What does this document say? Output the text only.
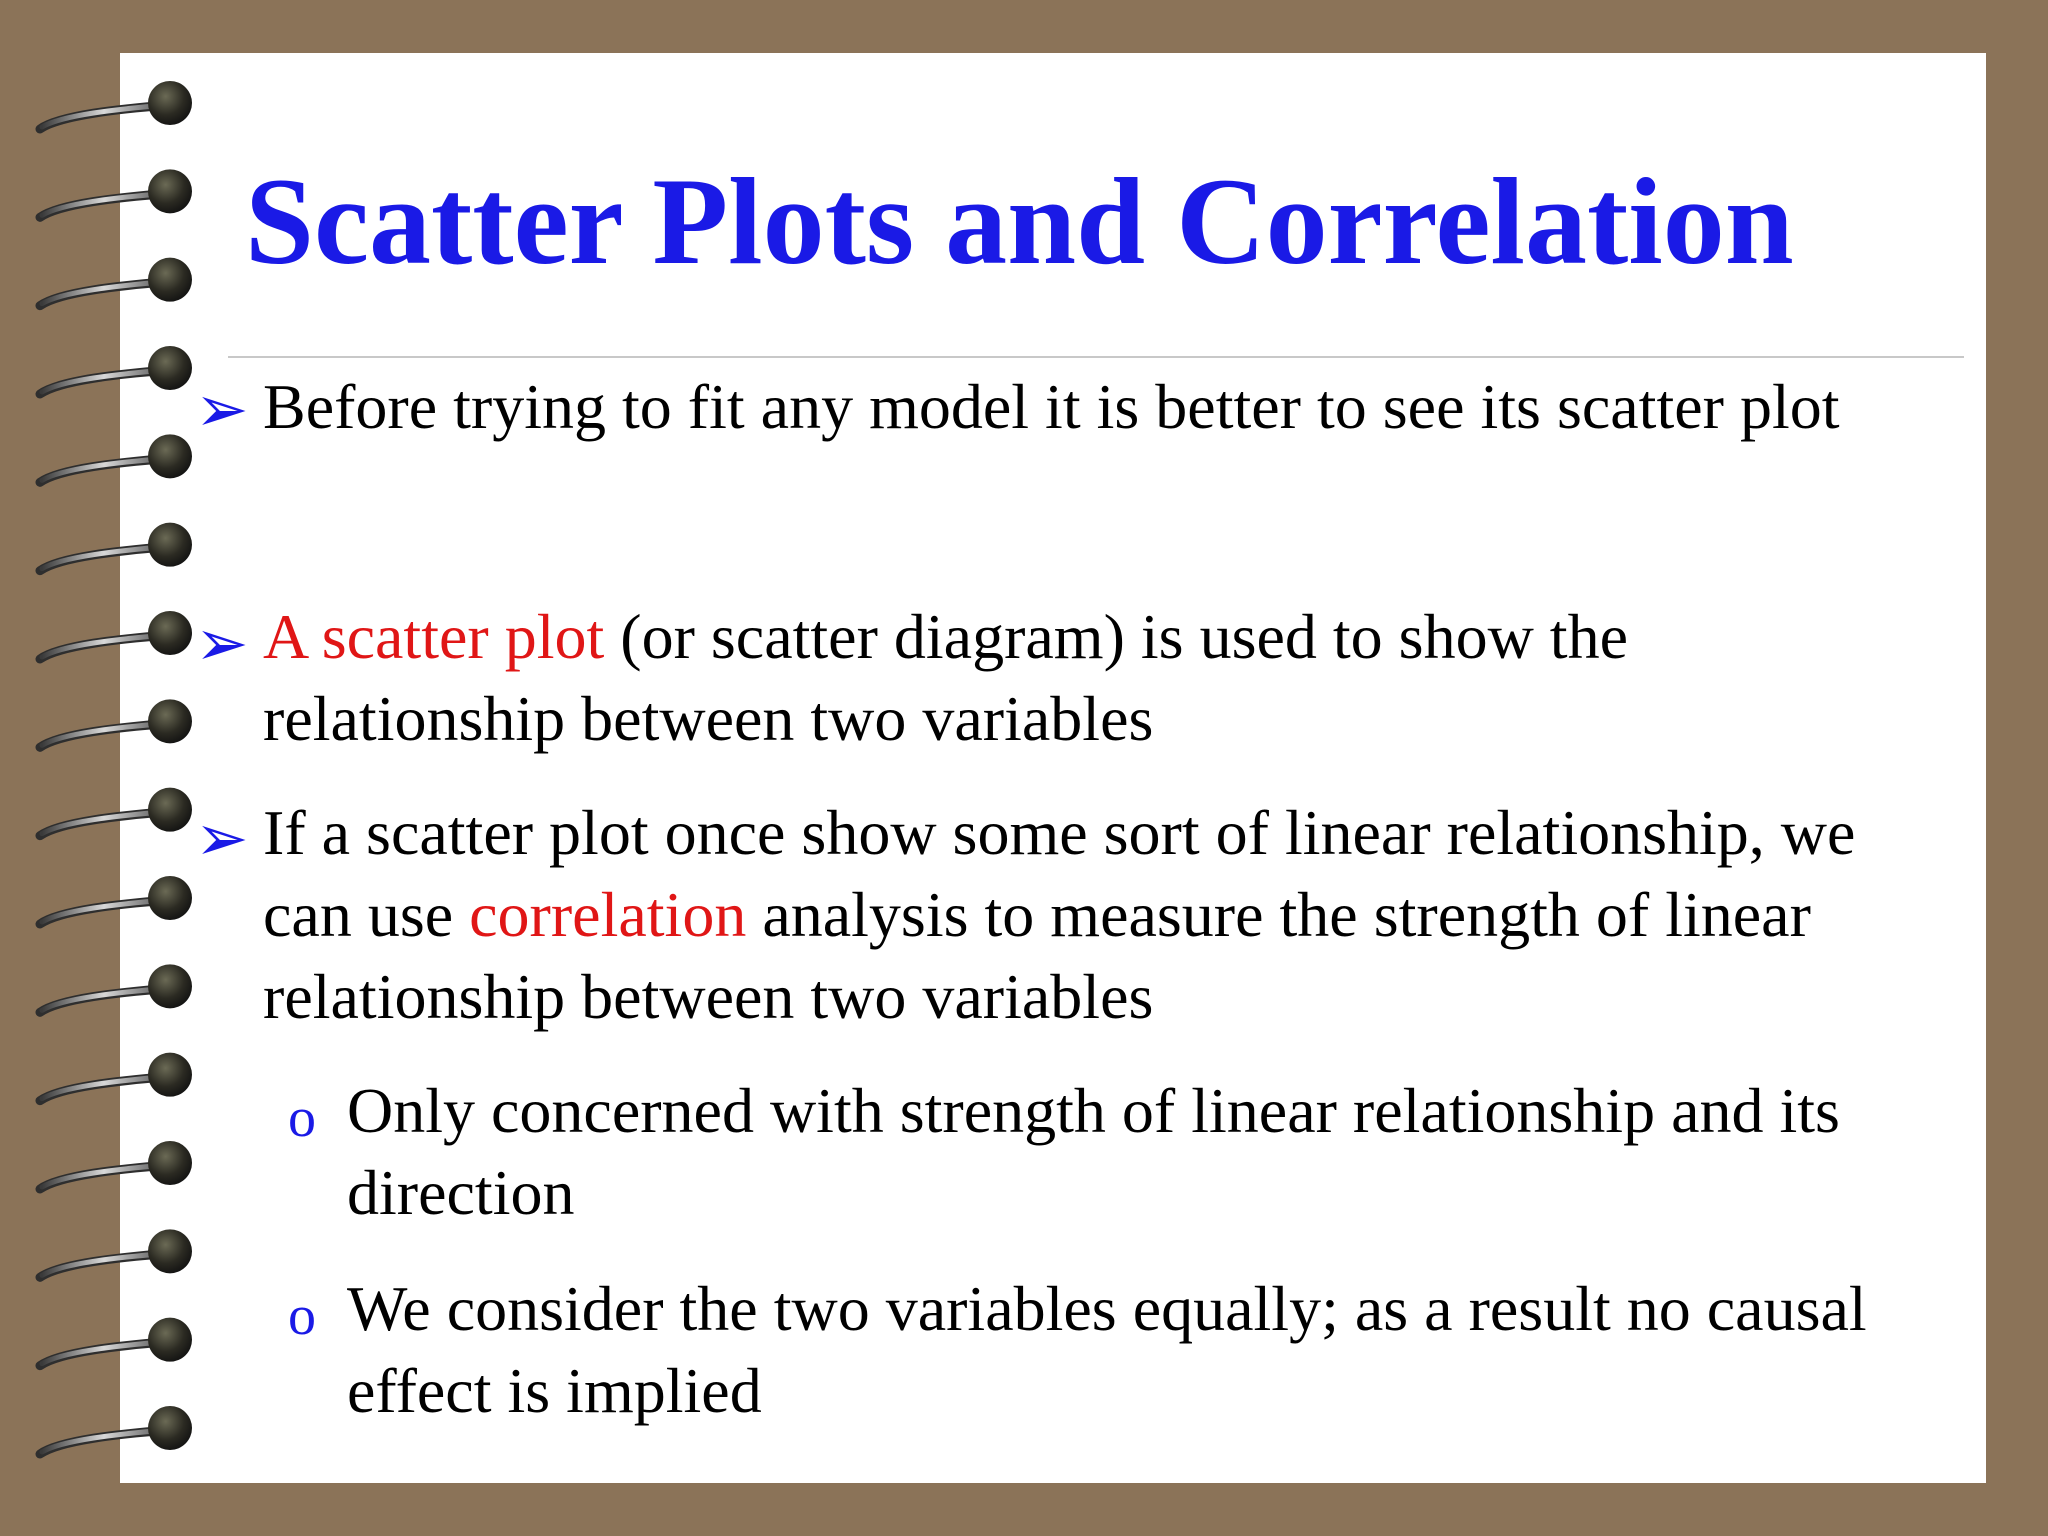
Scatter Plots and Correlation
➢ Before trying to fit any model it is better to see its scatter plot

➢ A scatter plot (or scatter diagram) is used to show the
relationship between two variables

➢ If a scatter plot once show some sort of linear relationship, we
can use correlation analysis to measure the strength of linear
relationship between two variables

o Only concerned with strength of linear relationship and its
direction

o We consider the two variables equally; as a result no causal
effect is implied
